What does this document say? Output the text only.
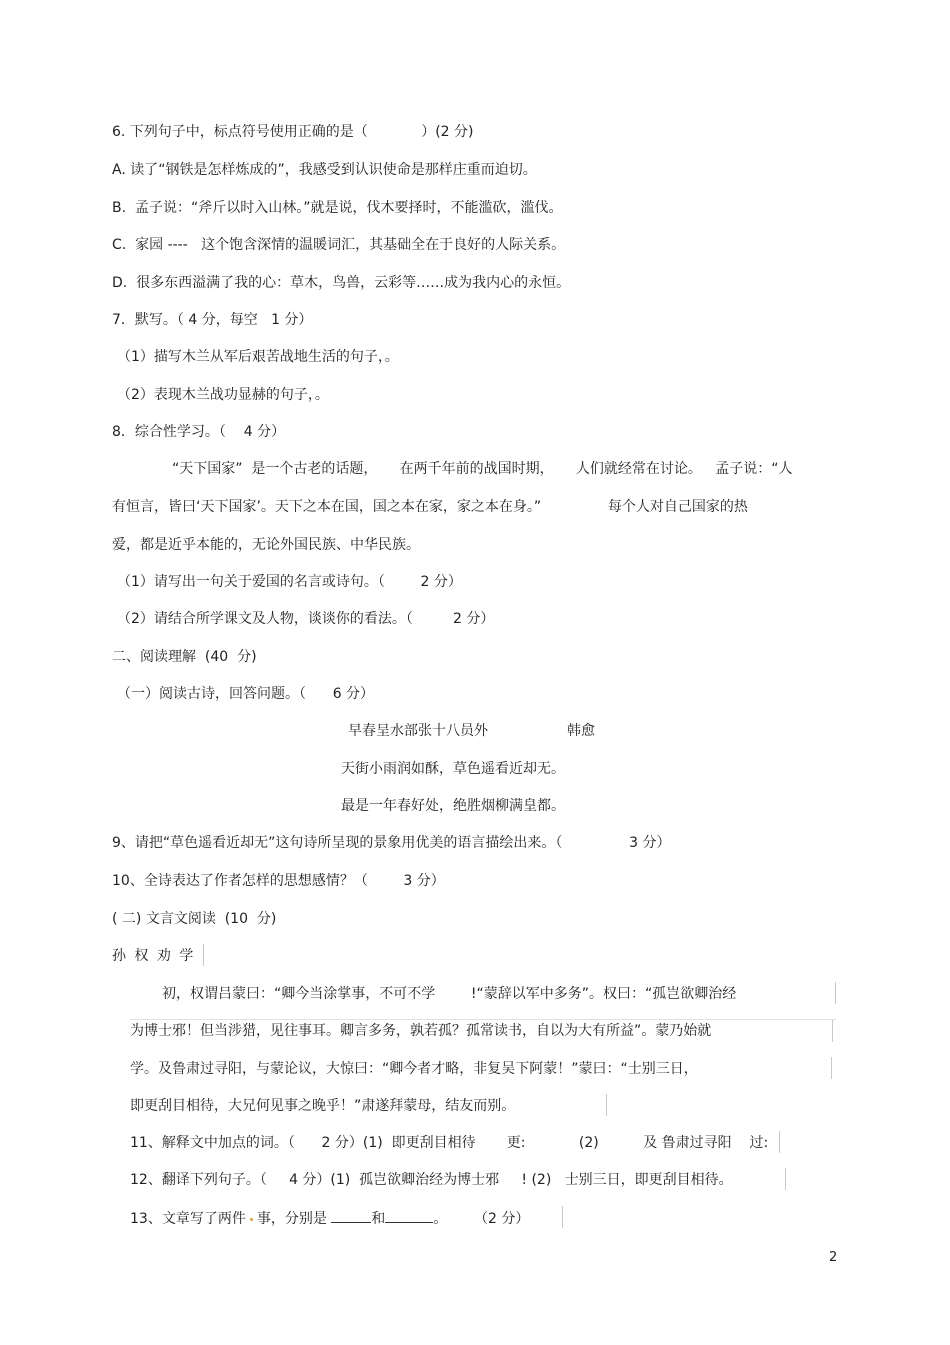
6. 下列句子中，标点符号使用正确的是（            ）(2 分)
A. 读了“钢铁是怎样炼成的”，我感受到认识使命是那样庄重而迫切。
B.  孟子说：“斧斤以时入山林。”就是说，伐木要择时，不能滥砍，滥伐。
C.  家园 ----   这个饱含深情的温暖词汇，其基础全在于良好的人际关系。
D.  很多东西溢满了我的心：草木，鸟兽，云彩等……成为我内心的永恒。
7．默写。（ 4 分，每空   1 分）
（1）描写木兰从军后艰苦战地生活的句子，。
（2）表现木兰战功显赫的句子，。
8．综合性学习。（    4 分）
“天下国家”  是一个古老的话题，     在两千年前的战国时期，     人们就经常在讨论。   孟子说：“人
有恒言，皆曰‘天下国家’。天下之本在国，国之本在家，家之本在身。”               每个人对自己国家的热
爱，都是近乎本能的，无论外国民族、中华民族。
（1）请写出一句关于爱国的名言或诗句。（        2 分）
（2）请结合所学课文及人物，谈谈你的看法。（         2 分）
二、阅读理解  (40  分)
（一）阅读古诗，回答问题。（      6 分）
早春呈水部张十八员外	韩愈
天街小雨润如酥，草色遥看近却无。
最是一年春好处，绝胜烟柳满皇都。
9、请把“草色遥看近却无”这句诗所呈现的景象用优美的语言描绘出来。（               3 分）
10、全诗表达了作者怎样的思想感情？（        3 分）
( 二) 文言文阅读  (10  分)
孙 权 劝 学
初，权谓吕蒙曰：“卿今当涂掌事，不可不学        !“蒙辞以军中多务”。权曰：“孤岂欲卿治经
为博士邪！但当涉猎，见往事耳。卿言多务，孰若孤？孤常读书，自以为大有所益”。蒙乃始就
学。及鲁肃过寻阳，与蒙论议，大惊曰：“卿今者才略，非复吴下阿蒙！”蒙曰：“士别三日，
即更刮目相待，大兄何见事之晚乎！”肃遂拜蒙母，结友而别。
11、解释文中加点的词。（      2 分）(1)  即更刮目相待       更:            (2)          及 鲁肃过寻阳    过:
12、翻译下列句子。（     4 分）(1)  孤岂欲卿治经为博士邪     ! (2)   士别三日，即更刮目相待。
13、文章写了两件 事，分别是	和	。      （2 分）
2
